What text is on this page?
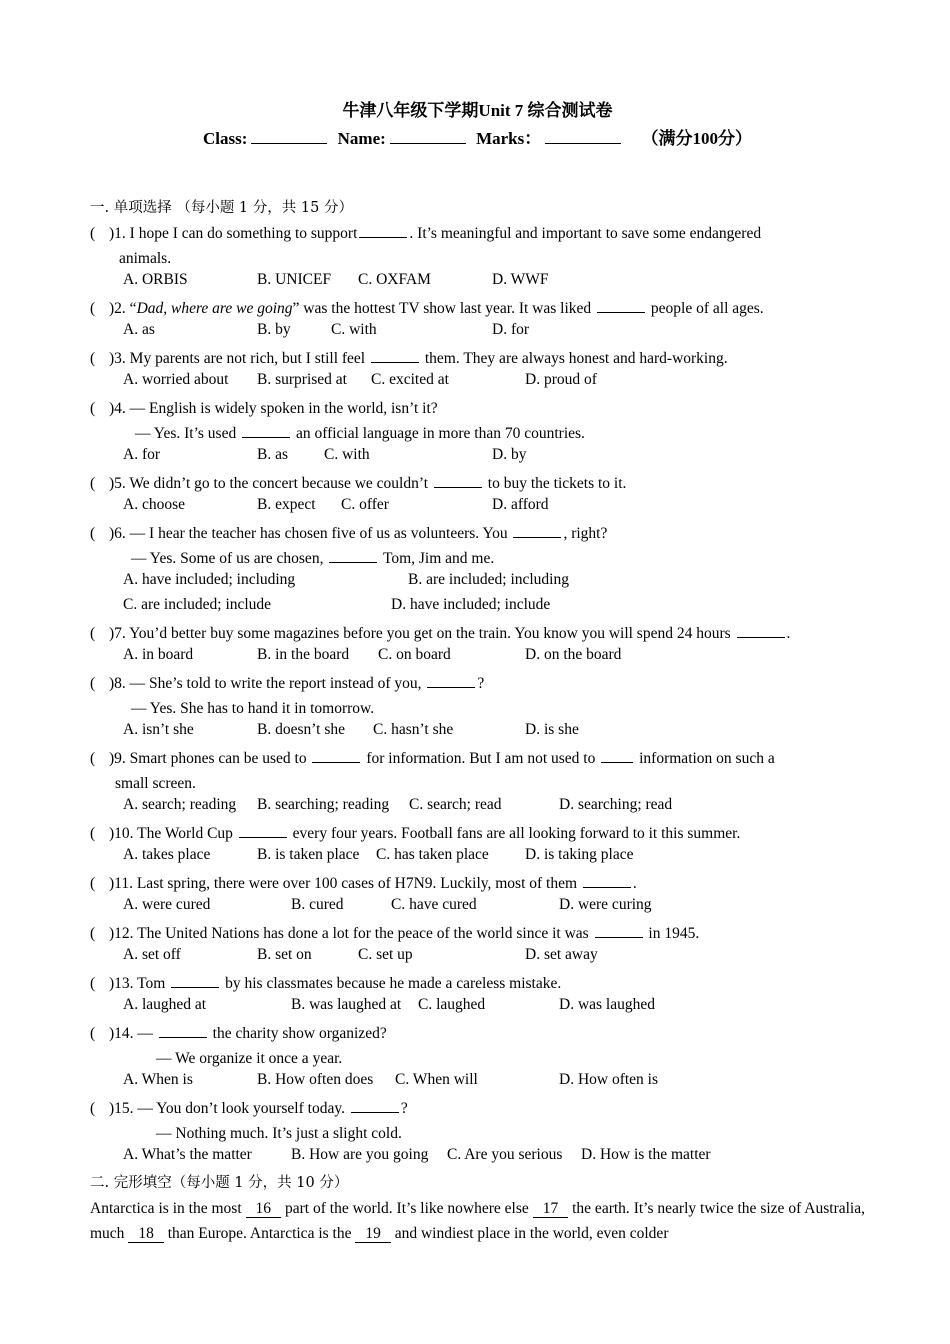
牛津八年级下学期Unit 7 综合测试卷
Class:	Name:	Marks：	（满分100分）
一. 单项选择 （每小题 1 分，共 15 分）
( )1. I hope I can do something to support	. It’s meaningful and important to save some endangered
animals.
A. ORBIS	B. UNICEF C. OXFAM	D. WWF
( )2. “Dad, where are we going” was the hottest TV show last year. It was liked	people of all ages.
A. as	B. by	C. with	D. for
( )3. My parents are not rich, but I still feel	them. They are always honest and hard-working.
A. worried about B. surprised at C. excited at	D. proud of
( )4. — English is widely spoken in the world, isn’t it?
— Yes. It’s used	an official language in more than 70 countries.
A. for	B. as C. with	D. by
( )5. We didn’t go to the concert because we couldn’t	to buy the tickets to it.
A. choose	B. expect C. offer	D. afford
( )6. — I hear the teacher has chosen five of us as volunteers. You	, right?
— Yes. Some of us are chosen,	Tom, Jim and me.
A. have included; including	B. are included; including
C. are included; include	D. have included; include
( )7. You’d better buy some magazines before you get on the train. You know you will spend 24 hours	.
A. in board	B. in the board C. on board	D. on the board
( )8. — She’s told to write the report instead of you,	?
— Yes. She has to hand it in tomorrow.
A. isn’t she	B. doesn’t she C. hasn’t she	D. is she
( )9. Smart phones can be used to	for information. But I am not used to	information on such a
small screen.
A. search; reading B. searching; reading C. search; read	D. searching; read
( )10. The World Cup	every four years. Football fans are all looking forward to it this summer.
A. takes place	B. is taken place C. has taken place D. is taking place
( )11. Last spring, there were over 100 cases of H7N9. Luckily, most of them	.
A. were cured	B. cured	C. have cured	D. were curing
( )12. The United Nations has done a lot for the peace of the world since it was	in 1945.
A. set off	B. set on	C. set up	D. set away
( )13. Tom	by his classmates because he made a careless mistake.
A. laughed at	B. was laughed at C. laughed	D. was laughed
( )14. —	the charity show organized?
— We organize it once a year.
A. When is	B. How often does C. When will	D. How often is
( )15. — You don’t look yourself today.	?
— Nothing much. It’s just a slight cold.
A. What’s the matter	B. How are you going C. Are you serious D. How is the matter
二. 完形填空（每小题 1 分，共 10 分）
Antarctica is in the most 16 part of the world. It’s like nowhere else 17 the earth. It’s nearly twice the size of Australia, much 18 than Europe. Antarctica is the 19 and windiest place in the world, even colder
